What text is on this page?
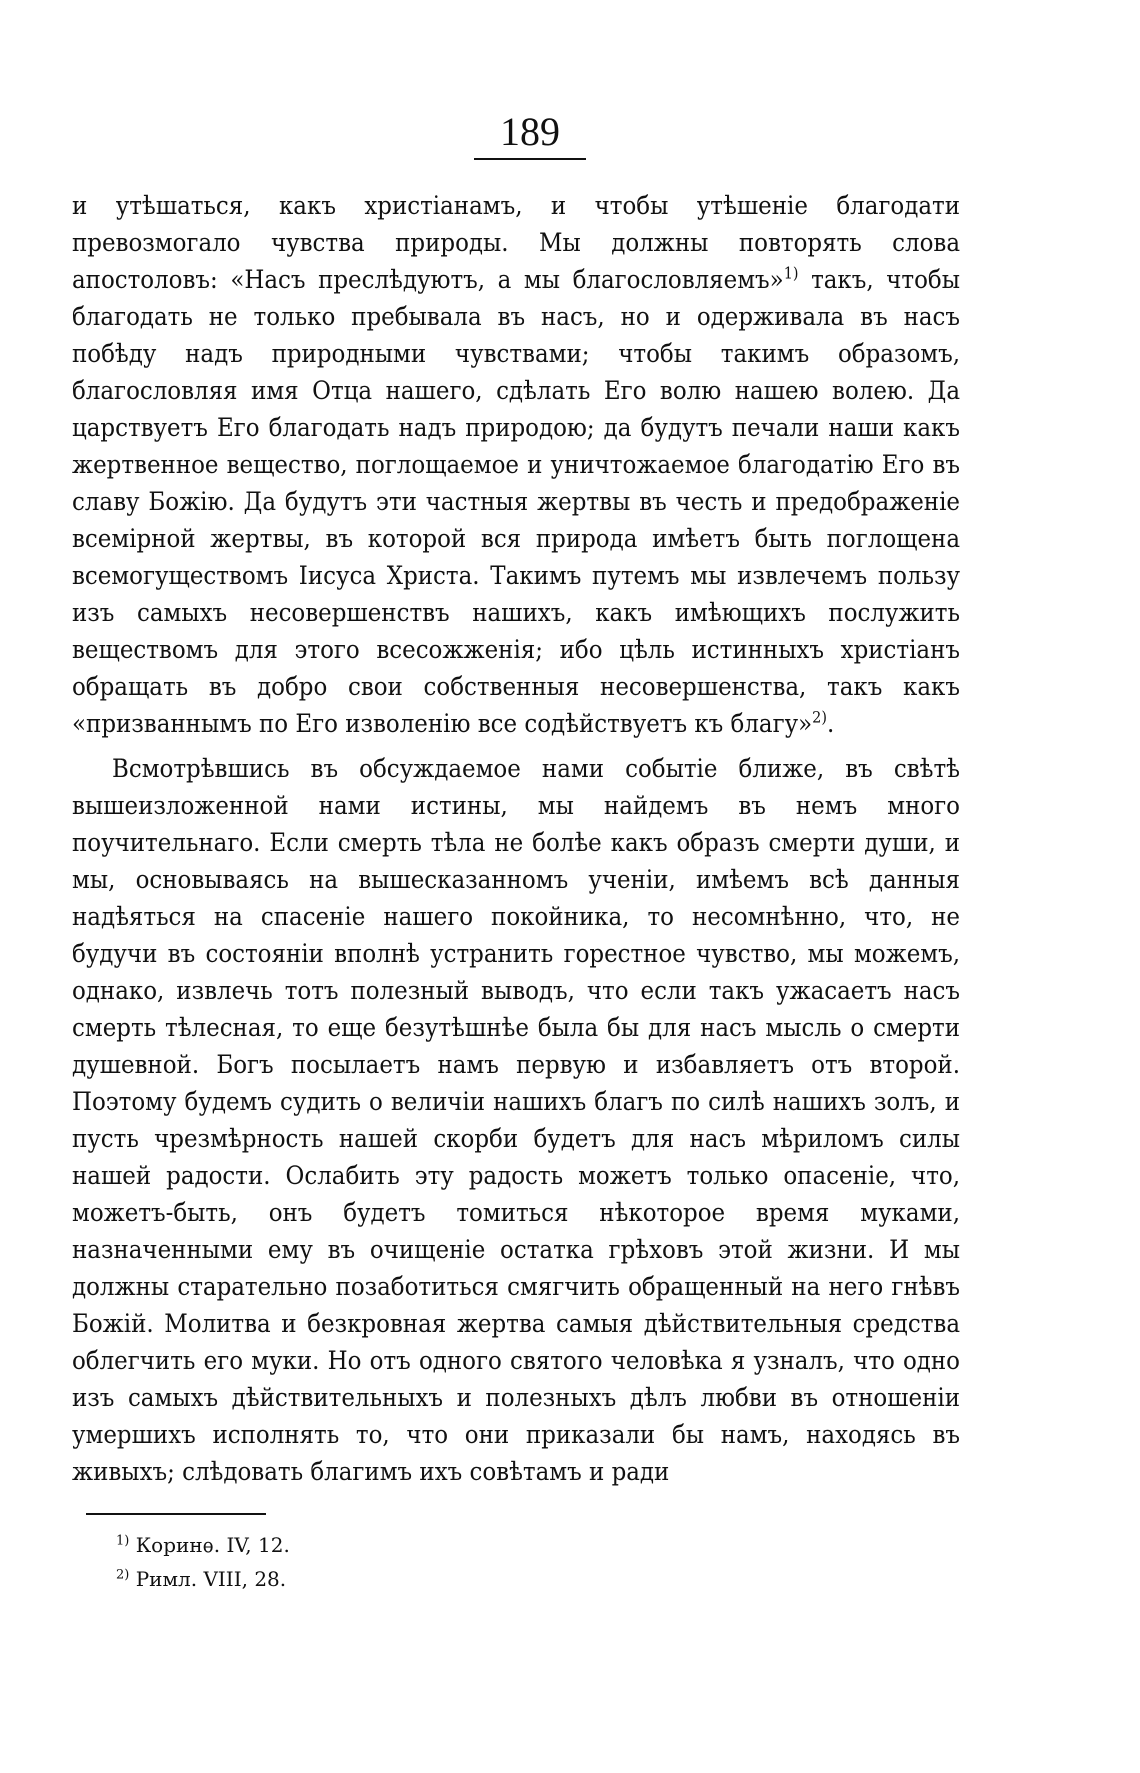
189

и утѣшаться, какъ христіанамъ, и чтобы утѣшеніе благодати превозмогало чувства природы. Мы должны повторять слова апостоловъ: «Насъ преслѣдуютъ, а мы благословляемъ»$^{1)}$ такъ, чтобы благодать не только пребывала въ насъ, но и одерживала въ насъ побѣду надъ природными чувствами; чтобы такимъ образомъ, благословляя имя Отца нашего, сдѣлать Его волю нашею волею. Да царствуетъ Его благодать надъ природою; да будутъ печали наши какъ жертвенное вещество, поглощаемое и уничтожаемое благодатію Его въ славу Божію. Да будутъ эти частныя жертвы въ честь и предображеніе всемірной жертвы, въ которой вся природа имѣетъ быть поглощена всемогуществомъ Іисуса Христа. Такимъ путемъ мы извлечемъ пользу изъ самыхъ несовершенствъ нашихъ, какъ имѣющихъ послужить веществомъ для этого всесожженія; ибо цѣль истинныхъ христіанъ обращать въ добро свои собственныя несовершенства, такъ какъ «призваннымъ по Его изволенію все содѣйствуетъ къ благу»$^{2)}$.

Всмотрѣвшись въ обсуждаемое нами событіе ближе, въ свѣтѣ вышеизложенной нами истины, мы найдемъ въ немъ много поучительнаго. Если смерть тѣла не болѣе какъ образъ смерти души, и мы, основываясь на вышесказанномъ ученіи, имѣемъ всѣ данныя надѣяться на спасеніе нашего покойника, то несомнѣнно, что, не будучи въ состояніи вполнѣ устранить горестное чувство, мы можемъ, однако, извлечь тотъ полезный выводъ, что если такъ ужасаетъ насъ смерть тѣлесная, то еще безутѣшнѣе была бы для насъ мысль о смерти душевной. Богъ посылаетъ намъ первую и избавляетъ отъ второй. Поэтому будемъ судить о величіи нашихъ благъ по силѣ нашихъ золъ, и пусть чрезмѣрность нашей скорби будетъ для насъ мѣриломъ силы нашей радости. Ослабить эту радость можетъ только опасеніе, что, можетъ-быть, онъ будетъ томиться нѣкоторое время муками, назначенными ему въ очищеніе остатка грѣховъ этой жизни. И мы должны старательно позаботиться смягчить обращенный на него гнѣвъ Божій. Молитва и безкровная жертва самыя дѣйствительныя средства облегчить его муки. Но отъ одного святого человѣка я узналъ, что одно изъ самыхъ дѣйствительныхъ и полезныхъ дѣлъ любви въ отношеніи умершихъ исполнять то, что они приказали бы намъ, находясь въ живыхъ; слѣдовать благимъ ихъ совѣтамъ и ради

$^{1)}$ Коринѳ. IV, 12.
$^{2)}$ Римл. VIII, 28.
